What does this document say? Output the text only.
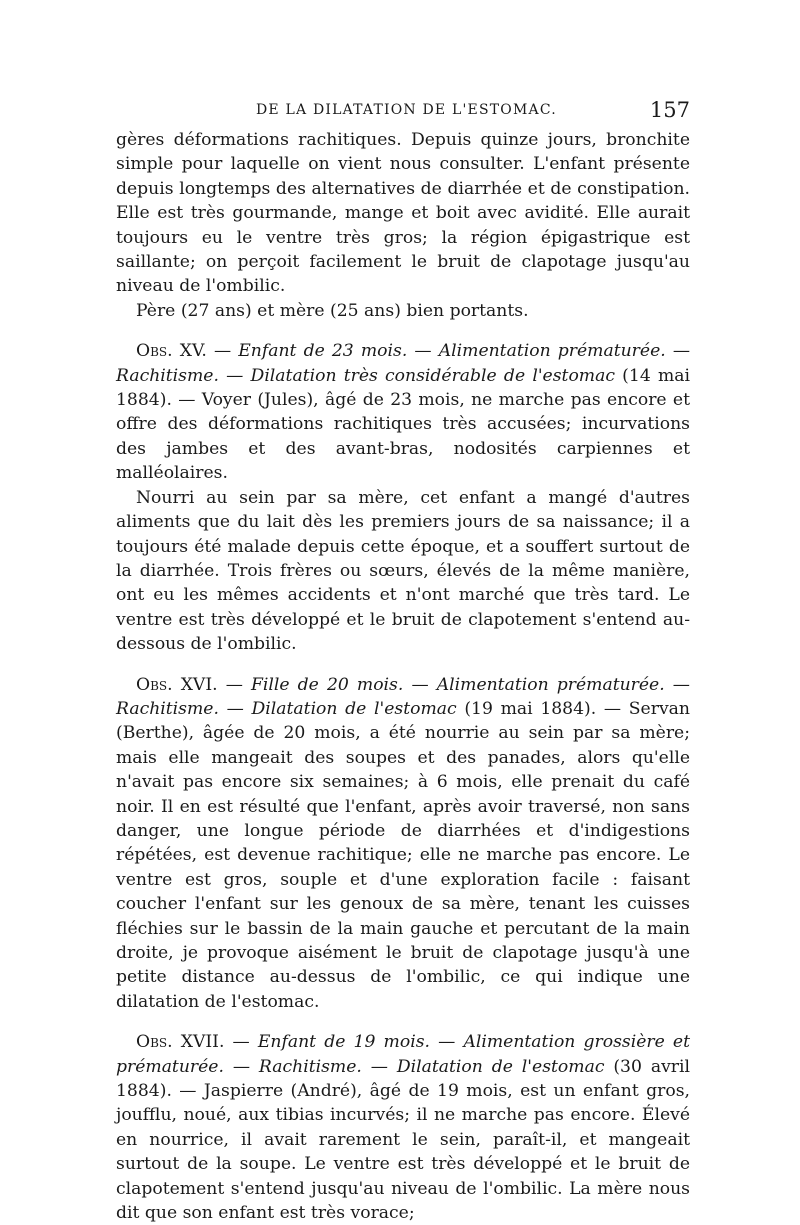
DE LA DILATATION DE L'ESTOMAC.	157

gères déformations rachitiques. Depuis quinze jours, bronchite simple pour laquelle on vient nous consulter. L'enfant présente depuis longtemps des alternatives de diarrhée et de constipation. Elle est très gourmande, mange et boit avec avidité. Elle aurait toujours eu le ventre très gros; la région épigastrique est saillante; on perçoit facilement le bruit de clapotage jusqu'au niveau de l'ombilic.

Père (27 ans) et mère (25 ans) bien portants.

Obs. XV. — Enfant de 23 mois. — Alimentation prématurée. — Rachitisme. — Dilatation très considérable de l'estomac (14 mai 1884). — Voyer (Jules), âgé de 23 mois, ne marche pas encore et offre des déformations rachitiques très accusées; incurvations des jambes et des avant-bras, nodosités carpiennes et malléolaires.

Nourri au sein par sa mère, cet enfant a mangé d'autres aliments que du lait dès les premiers jours de sa naissance; il a toujours été malade depuis cette époque, et a souffert surtout de la diarrhée. Trois frères ou sœurs, élevés de la même manière, ont eu les mêmes accidents et n'ont marché que très tard. Le ventre est très développé et le bruit de clapotement s'entend au-dessous de l'ombilic.

Obs. XVI. — Fille de 20 mois. — Alimentation prématurée. — Rachitisme. — Dilatation de l'estomac (19 mai 1884). — Servan (Berthe), âgée de 20 mois, a été nourrie au sein par sa mère; mais elle mangeait des soupes et des panades, alors qu'elle n'avait pas encore six semaines; à 6 mois, elle prenait du café noir. Il en est résulté que l'enfant, après avoir traversé, non sans danger, une longue période de diarrhées et d'indigestions répétées, est devenue rachitique; elle ne marche pas encore. Le ventre est gros, souple et d'une exploration facile : faisant coucher l'enfant sur les genoux de sa mère, tenant les cuisses fléchies sur le bassin de la main gauche et percutant de la main droite, je provoque aisément le bruit de clapotage jusqu'à une petite distance au-dessus de l'ombilic, ce qui indique une dilatation de l'estomac.

Obs. XVII. — Enfant de 19 mois. — Alimentation grossière et prématurée. — Rachitisme. — Dilatation de l'estomac (30 avril 1884). — Jaspierre (André), âgé de 19 mois, est un enfant gros, joufflu, noué, aux tibias incurvés; il ne marche pas encore. Élevé en nourrice, il avait rarement le sein, paraît-il, et mangeait surtout de la soupe. Le ventre est très développé et le bruit de clapotement s'entend jusqu'au niveau de l'ombilic. La mère nous dit que son enfant est très vorace;
